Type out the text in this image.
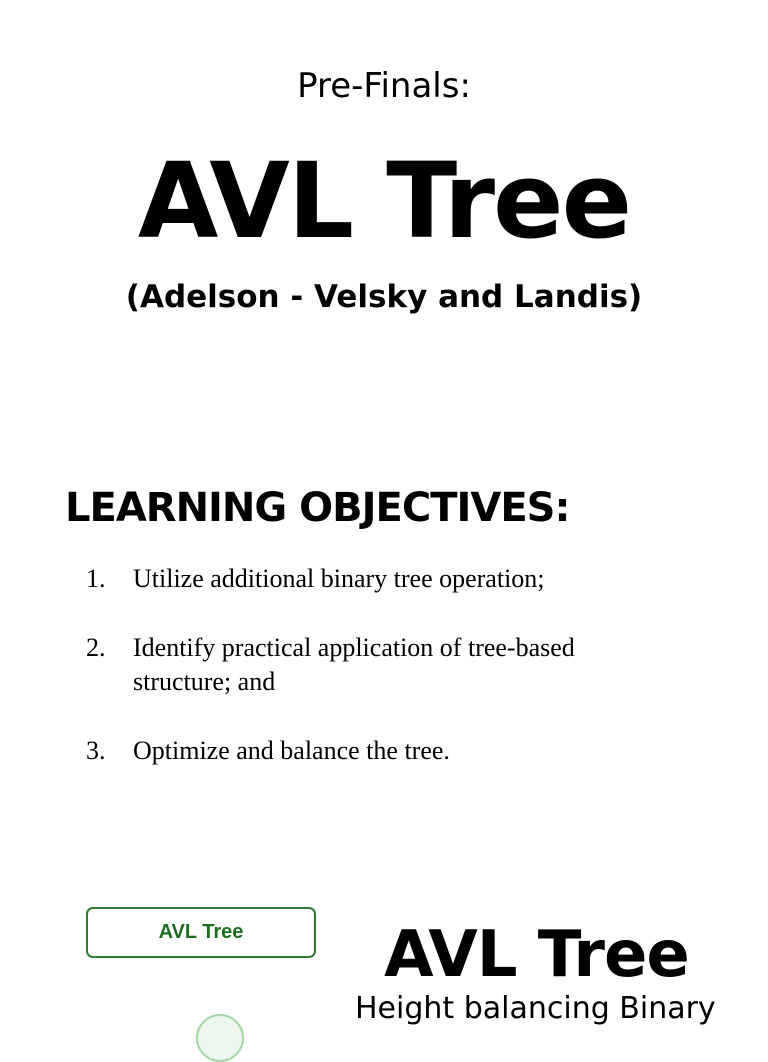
Pre-Finals:
AVL Tree
(Adelson - Velsky and Landis)
LEARNING OBJECTIVES:
1.	Utilize additional binary tree operation;
2.	Identify practical application of tree-based structure; and
3.	Optimize and balance the tree.
AVL Tree	AVL Tree
Height balancing Binary
